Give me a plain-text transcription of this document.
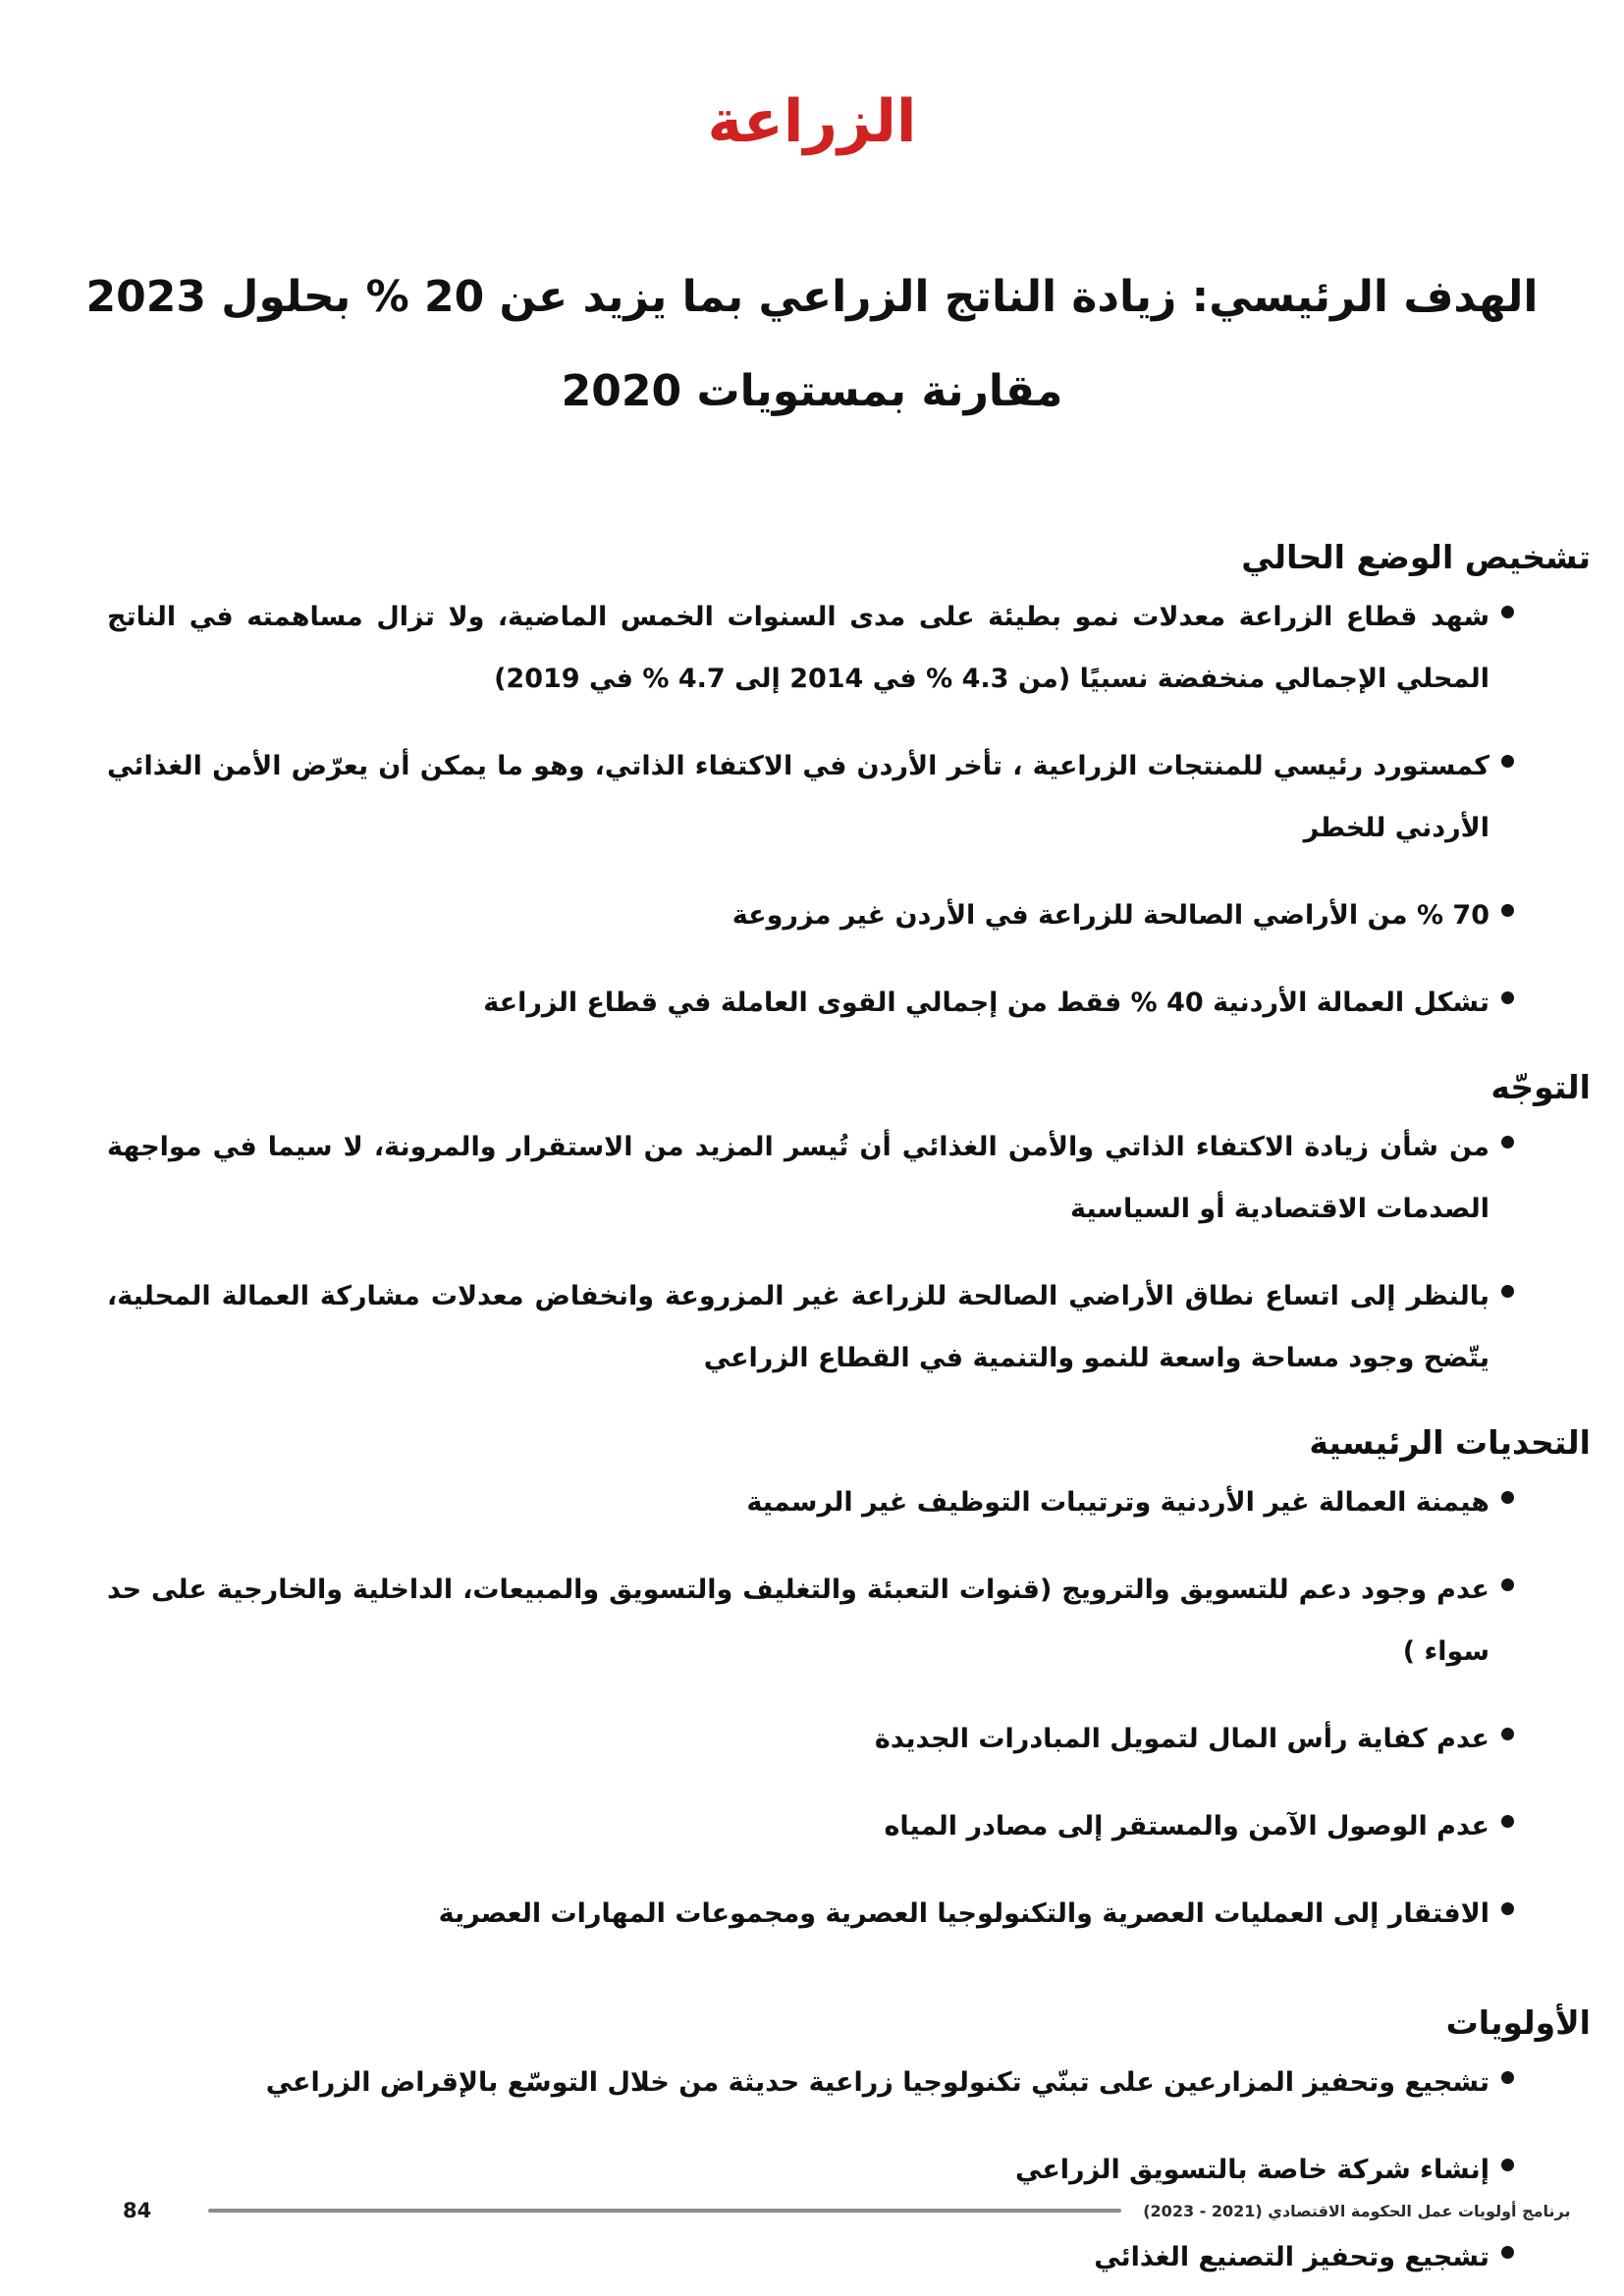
الزراعة
الهدف الرئيسي: زيادة الناتج الزراعي بما يزيد عن 20 % بحلول 2023
مقارنة بمستويات 2020
تشخيص الوضع الحالي
شهد قطاع الزراعة معدلات نمو بطيئة على مدى السنوات الخمس الماضية، ولا تزال مساهمته في الناتج المحلي الإجمالي منخفضة نسبيًا (من 4.3 % في 2014 إلى 4.7 % في 2019)
كمستورد رئيسي للمنتجات الزراعية ، تأخر الأردن في الاكتفاء الذاتي، وهو ما يمكن أن يعرّض الأمن الغذائي الأردني للخطر
70 % من الأراضي الصالحة للزراعة في الأردن غير مزروعة
تشكل العمالة الأردنية 40 % فقط من إجمالي القوى العاملة في قطاع الزراعة
التوجّه
من شأن زيادة الاكتفاء الذاتي والأمن الغذائي أن تُيسر المزيد من الاستقرار والمرونة، لا سيما في مواجهة الصدمات الاقتصادية أو السياسية
بالنظر إلى اتساع نطاق الأراضي الصالحة للزراعة غير المزروعة وانخفاض معدلات مشاركة العمالة المحلية، يتّضح وجود مساحة واسعة للنمو والتنمية في القطاع الزراعي
التحديات الرئيسية
هيمنة العمالة غير الأردنية وترتيبات التوظيف غير الرسمية
عدم وجود دعم للتسويق والترويج (قنوات التعبئة والتغليف والتسويق والمبيعات، الداخلية والخارجية على حد سواء )
عدم كفاية رأس المال لتمويل المبادرات الجديدة
عدم الوصول الآمن والمستقر إلى مصادر المياه
الافتقار إلى العمليات العصرية والتكنولوجيا العصرية ومجموعات المهارات العصرية
الأولويات
تشجيع وتحفيز المزارعين على تبنّي تكنولوجيا زراعية حديثة من خلال التوسّع بالإقراض الزراعي
إنشاء شركة خاصة بالتسويق الزراعي
تشجيع وتحفيز التصنيع الغذائي
84	برنامج أولويات عمل الحكومة الاقتصادي (2021 - 2023)
